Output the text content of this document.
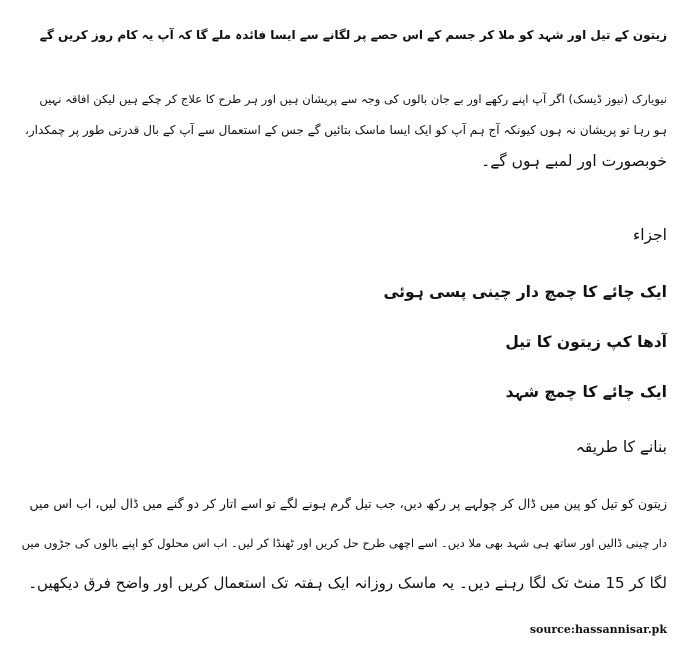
زیتون کے تیل اور شہد کو ملا کر جسم کے اس حصے پر لگانے سے ایسا فائدہ ملے گا کہ آپ یہ کام روز کریں گے

نیویارک (نیوز ڈیسک) اگر آپ اپنے رکھے اور بے جان بالوں کی وجہ سے پریشان ہیں اور ہر طرح کا علاج کر چکے ہیں لیکن افاقہ نہیں

ہو رہا تو پریشان نہ ہوں کیونکہ آج ہم آپ کو ایک ایسا ماسک بتائیں گے جس کے استعمال سے آپ کے بال قدرتی طور پر چمکدار،

خوبصورت اور لمبے ہوں گے۔

اجزاء

ایک چائے کا چمچ دار چینی پسی ہوئی

آدھا کپ زیتون کا تیل

ایک چائے کا چمچ شہد

بنانے کا طریقہ

زیتون کو تیل کو پین میں ڈال کر چولہے پر رکھ دیں، جب تیل گرم ہونے لگے تو اسے اتار کر دو گنے میں ڈال لیں، اب اس میں

دار چینی ڈالیں اور ساتھ ہی شہد بھی ملا دیں۔ اسے اچھی طرح حل کریں اور ٹھنڈا کر لیں۔ اب اس محلول کو اپنے بالوں کی جڑوں میں

لگا کر 15 منٹ تک لگا رہنے دیں۔ یہ ماسک روزانہ ایک ہفتہ تک استعمال کریں اور واضح فرق دیکھیں۔

source:hassannisar.pk
